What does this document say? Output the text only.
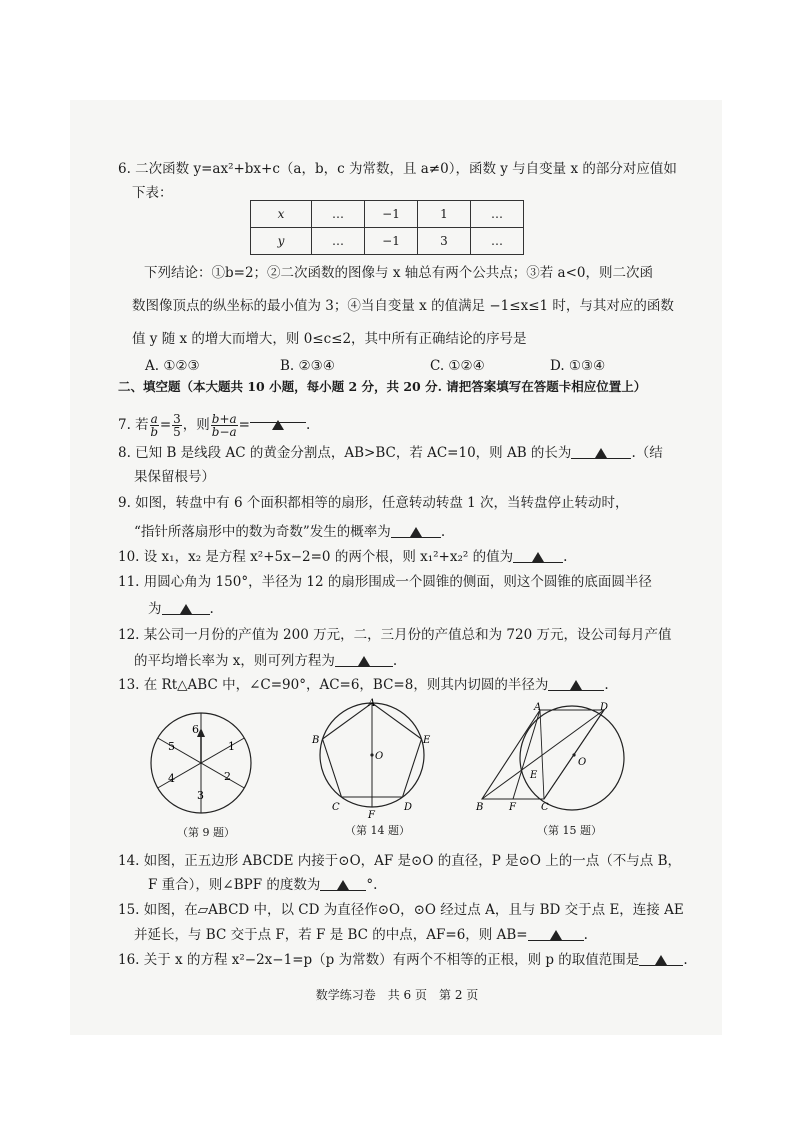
6. 二次函数 y=ax²+bx+c（a，b，c 为常数，且 a≠0），函数 y 与自变量 x 的部分对应值如
下表：
x	…	−1	1	…
y	…	−1	3	…
下列结论：①b=2；②二次函数的图像与 x 轴总有两个公共点；③若 a<0，则二次函
数图像顶点的纵坐标的最小值为 3；④当自变量 x 的值满足 −1≤x≤1 时，与其对应的函数
值 y 随 x 的增大而增大，则 0≤c≤2，其中所有正确结论的序号是
A. ①②③	B. ②③④	C. ①②④	D. ①③④
二、填空题（本大题共 10 小题，每小题 2 分，共 20 分. 请把答案填写在答题卡相应位置上）
7. 若 $\frac{a}{b} = \frac{3}{5}$ ，则 $\frac{b+a}{b-a}$ =	.
8. 已知 B 是线段 AC 的黄金分割点，AB>BC，若 AC=10，则 AB 的长为	.（结
果保留根号）
9. 如图，转盘中有 6 个面积都相等的扇形，任意转动转盘 1 次，当转盘停止转动时，
“指针所落扇形中的数为奇数”发生的概率为	.
10. 设 x₁，x₂ 是方程 x²+5x−2=0 的两个根，则 x₁²+x₂² 的值为	.
11. 用圆心角为 150°，半径为 12 的扇形围成一个圆锥的侧面，则这个圆锥的底面圆半径
为	.
12. 某公司一月份的产值为 200 万元，二，三月份的产值总和为 720 万元，设公司每月产值
的平均增长率为 x，则可列方程为	.
13. 在 Rt△ABC 中，∠C=90°，AC=6，BC=8，则其内切圆的半径为	.
6
1
2
3
4
5
（第 9 题）
A
B	E
C
F
D
O
（第 14 题）
A	D
E
O
B	F	C
（第 15 题）
14. 如图，正五边形 ABCDE 内接于⊙O，AF 是⊙O 的直径，P 是⊙O 上的一点（不与点 B，
F 重合），则∠BPF 的度数为	°.
15. 如图，在▱ABCD 中，以 CD 为直径作⊙O，⊙O 经过点 A，且与 BD 交于点 E，连接 AE
并延长，与 BC 交于点 F，若 F 是 BC 的中点，AF=6，则 AB=	.
16. 关于 x 的方程 x²−2x−1=p（p 为常数）有两个不相等的正根，则 p 的取值范围是	.
数学练习卷　共 6 页　第 2 页
